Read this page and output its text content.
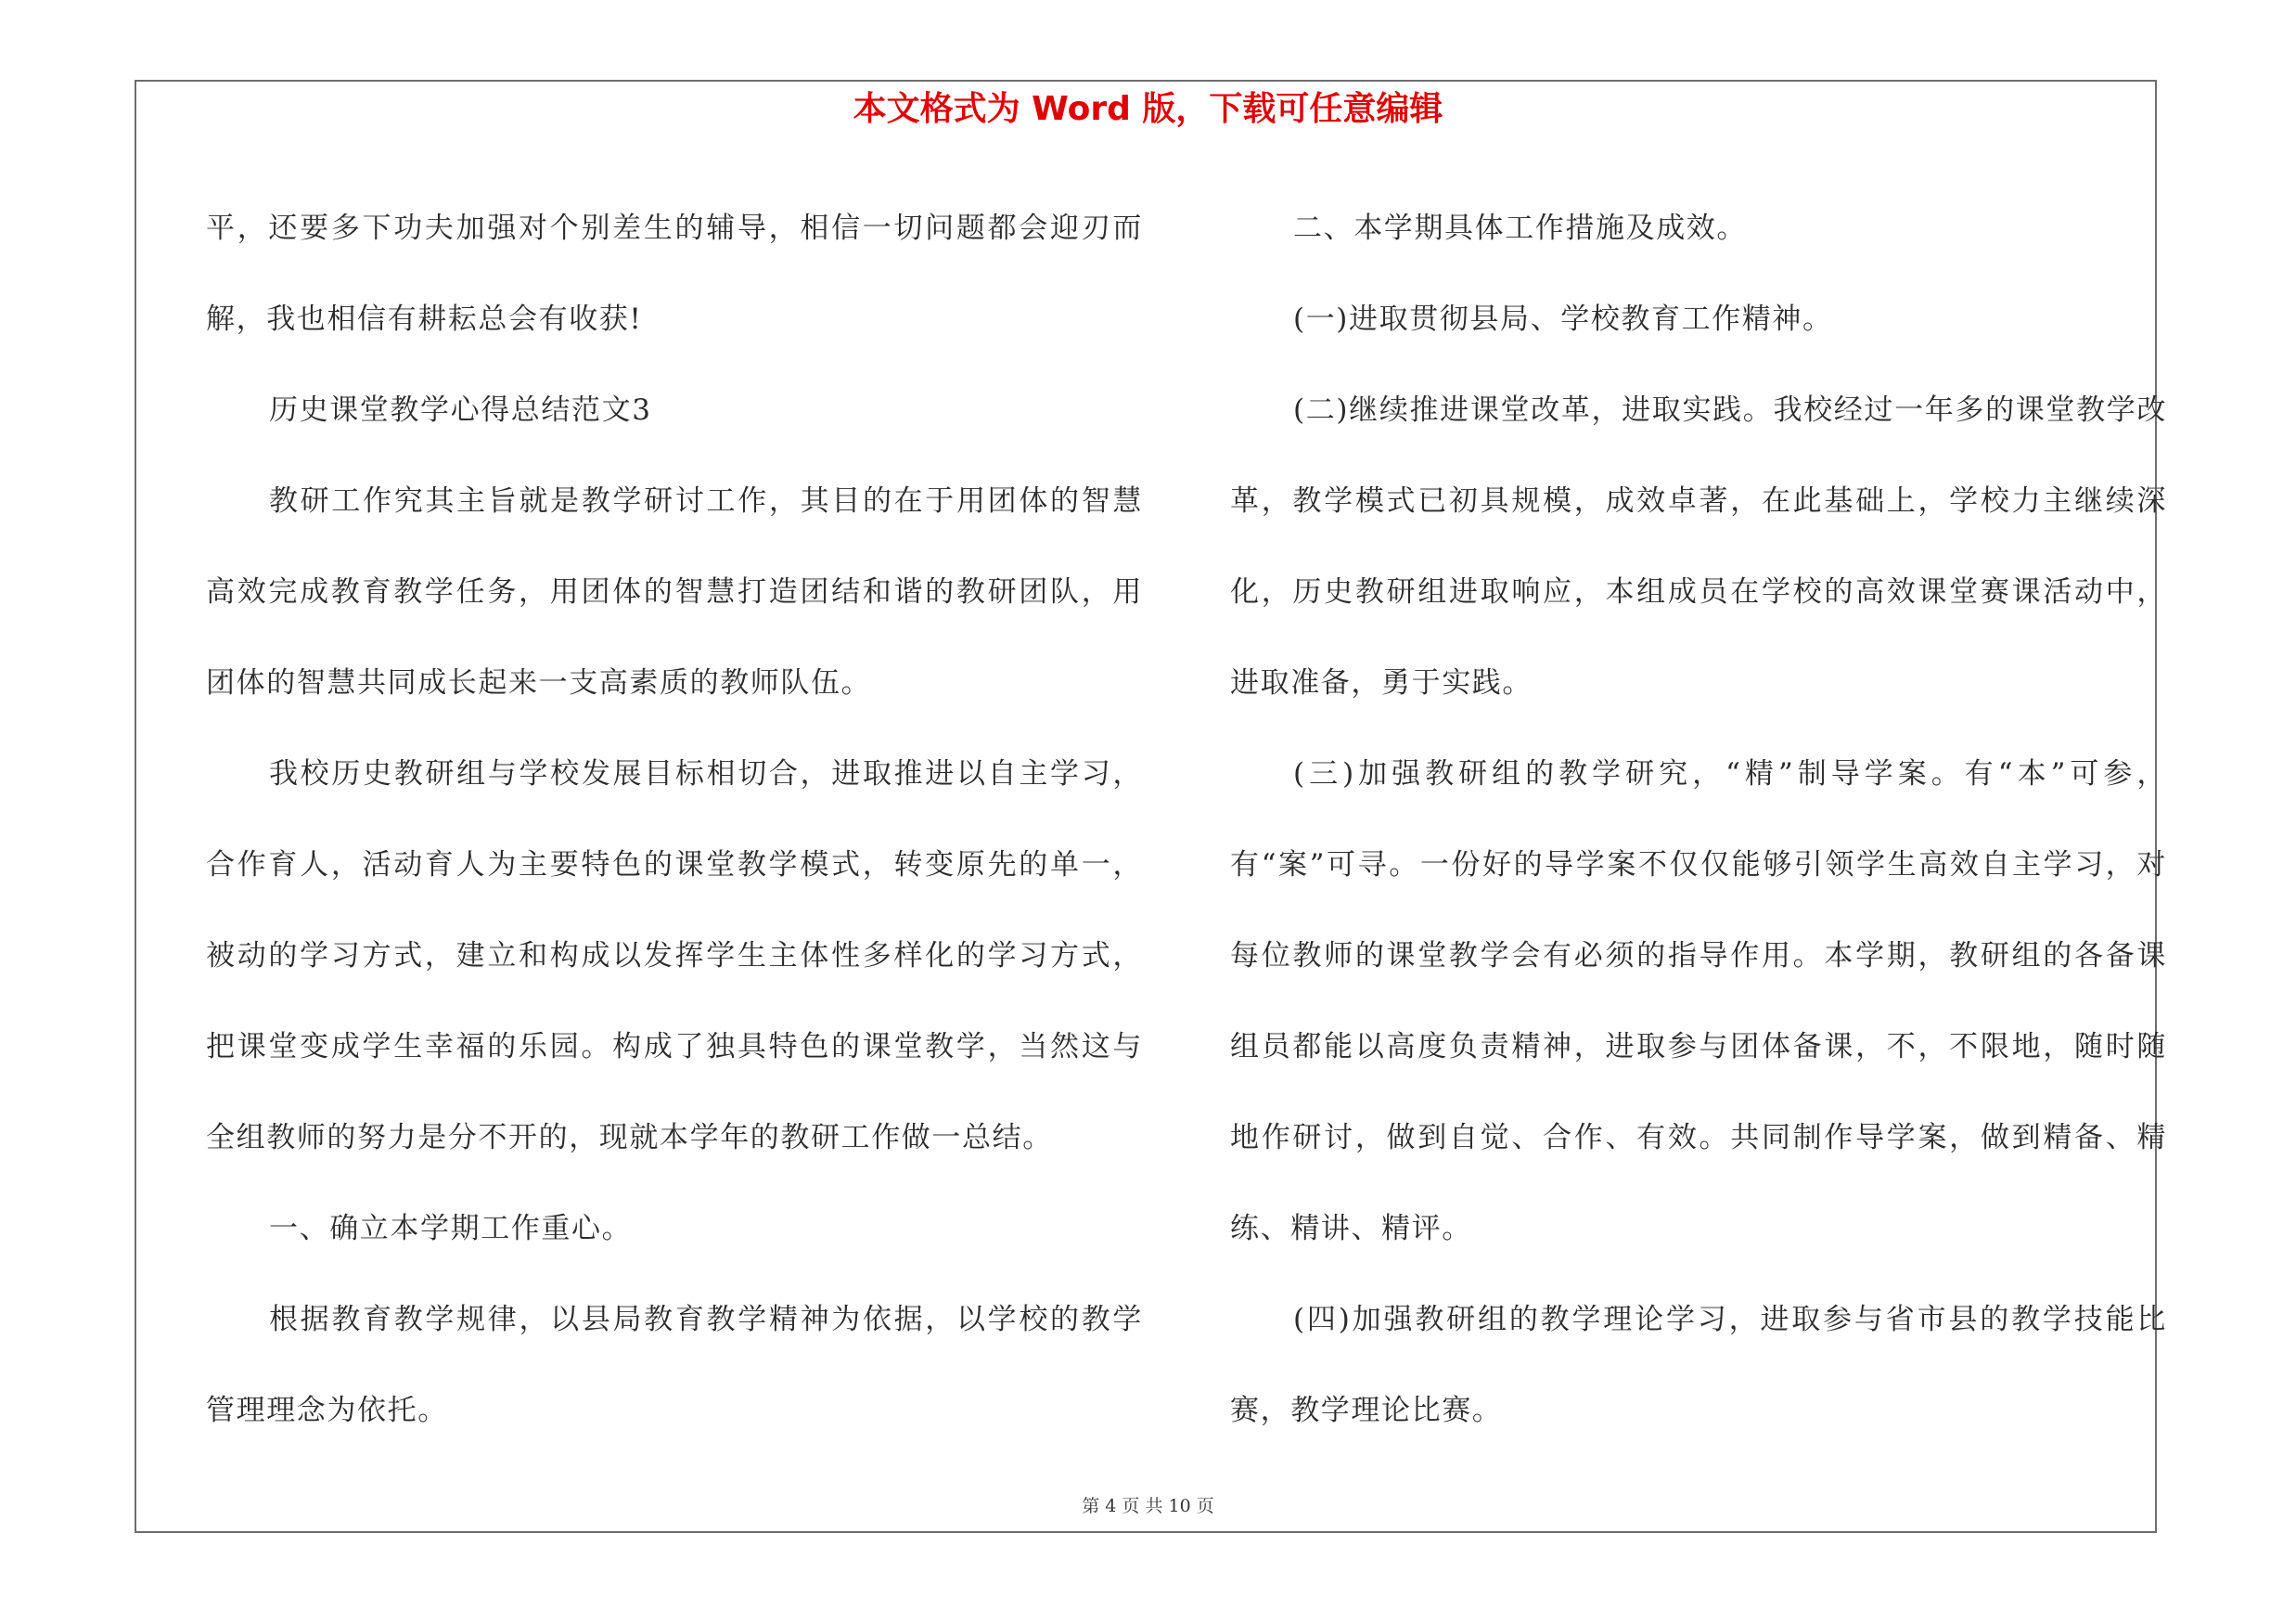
本文格式为 Word 版，下载可任意编辑

平，还要多下功夫加强对个别差生的辅导，相信一切问题都会迎刃而解，我也相信有耕耘总会有收获!

历史课堂教学心得总结范文3

教研工作究其主旨就是教学研讨工作，其目的在于用团体的智慧高效完成教育教学任务，用团体的智慧打造团结和谐的教研团队，用团体的智慧共同成长起来一支高素质的教师队伍。

我校历史教研组与学校发展目标相切合，进取推进以自主学习，合作育人，活动育人为主要特色的课堂教学模式，转变原先的单一，被动的学习方式，建立和构成以发挥学生主体性多样化的学习方式，把课堂变成学生幸福的乐园。构成了独具特色的课堂教学，当然这与全组教师的努力是分不开的，现就本学年的教研工作做一总结。

一、确立本学期工作重心。

根据教育教学规律，以县局教育教学精神为依据，以学校的教学管理理念为依托。

二、本学期具体工作措施及成效。

(一)进取贯彻县局、学校教育工作精神。

(二)继续推进课堂改革，进取实践。我校经过一年多的课堂教学改革，教学模式已初具规模，成效卓著，在此基础上，学校力主继续深化，历史教研组进取响应，本组成员在学校的高效课堂赛课活动中，进取准备，勇于实践。

(三)加强教研组的教学研究，“精”制导学案。有“本”可参，有“案”可寻。一份好的导学案不仅仅能够引领学生高效自主学习，对每位教师的课堂教学会有必须的指导作用。本学期，教研组的各备课组员都能以高度负责精神，进取参与团体备课，不，不限地，随时随地作研讨，做到自觉、合作、有效。共同制作导学案，做到精备、精练、精讲、精评。

(四)加强教研组的教学理论学习，进取参与省市县的教学技能比赛，教学理论比赛。

第 4 页 共 10 页
